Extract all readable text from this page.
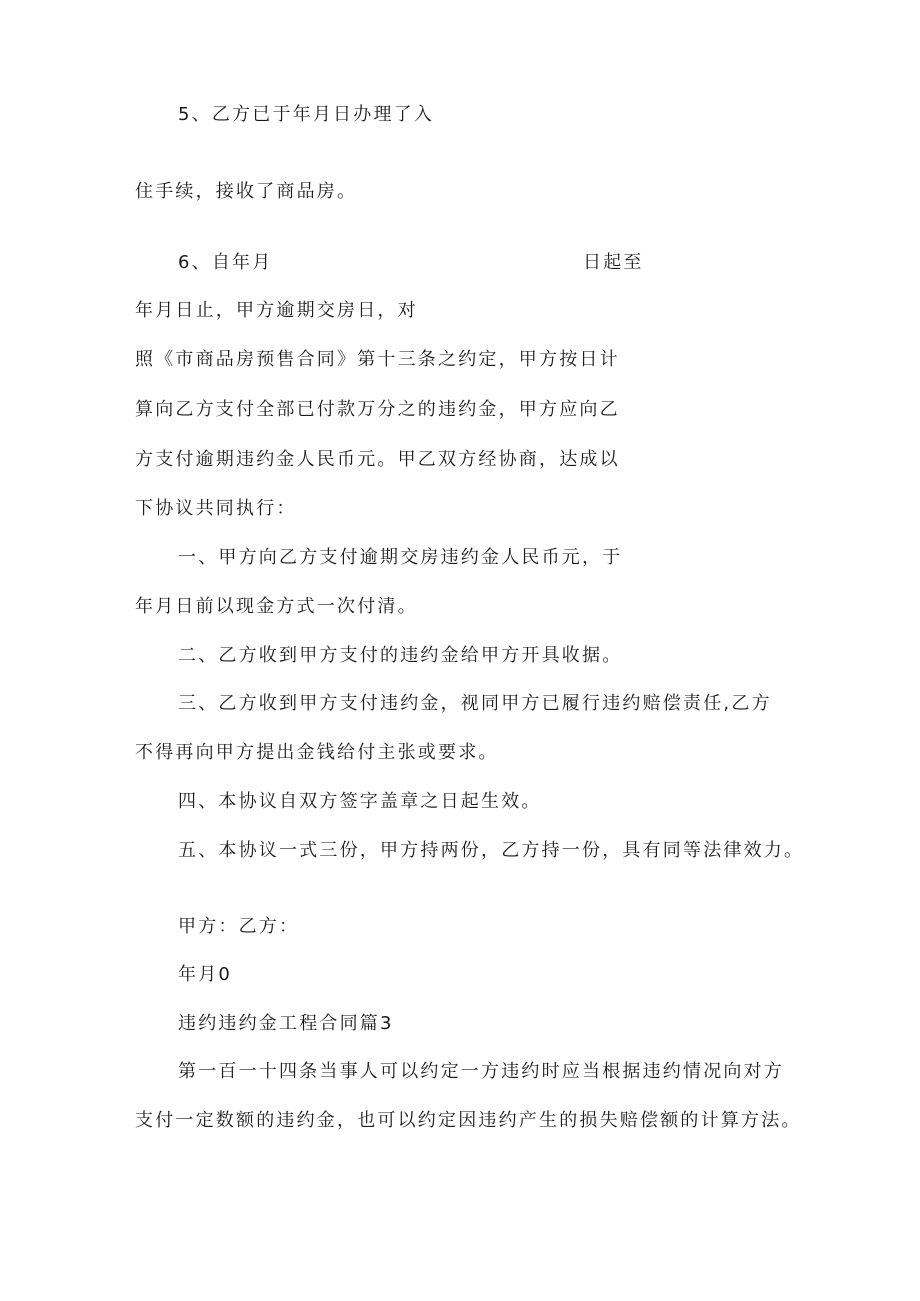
5、乙方已于年月日办理了入
住手续，接收了商品房。
6、自年月	日起至
年月日止，甲方逾期交房日，对
照《市商品房预售合同》第十三条之约定，甲方按日计
算向乙方支付全部已付款万分之的违约金，甲方应向乙
方支付逾期违约金人民币元。甲乙双方经协商，达成以
下协议共同执行：
一、甲方向乙方支付逾期交房违约金人民币元，于
年月日前以现金方式一次付清。
二、乙方收到甲方支付的违约金给甲方开具收据。
三、乙方收到甲方支付违约金，视同甲方已履行违约赔偿责任,乙方
不得再向甲方提出金钱给付主张或要求。
四、本协议自双方签字盖章之日起生效。
五、本协议一式三份，甲方持两份，乙方持一份，具有同等法律效力。
甲方：乙方：
年月0
违约违约金工程合同篇3
第一百一十四条当事人可以约定一方违约时应当根据违约情况向对方
支付一定数额的违约金，也可以约定因违约产生的损失赔偿额的计算方法。
